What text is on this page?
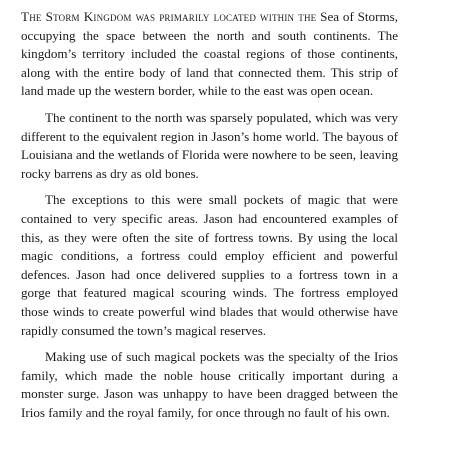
The Storm Kingdom was primarily located within the Sea of Storms, occupying the space between the north and south continents. The kingdom’s territory included the coastal regions of those continents, along with the entire body of land that connected them. This strip of land made up the western border, while to the east was open ocean.

The continent to the north was sparsely populated, which was very different to the equivalent region in Jason’s home world. The bayous of Louisiana and the wetlands of Florida were nowhere to be seen, leaving rocky barrens as dry as old bones.

The exceptions to this were small pockets of magic that were contained to very specific areas. Jason had encountered examples of this, as they were often the site of fortress towns. By using the local magic conditions, a fortress could employ efficient and powerful defences. Jason had once delivered supplies to a fortress town in a gorge that featured magical scouring winds. The fortress employed those winds to create powerful wind blades that would otherwise have rapidly consumed the town’s magical reserves.

Making use of such magical pockets was the specialty of the Irios family, which made the noble house critically important during a monster surge. Jason was unhappy to have been dragged between the Irios family and the royal family, for once through no fault of his own.
